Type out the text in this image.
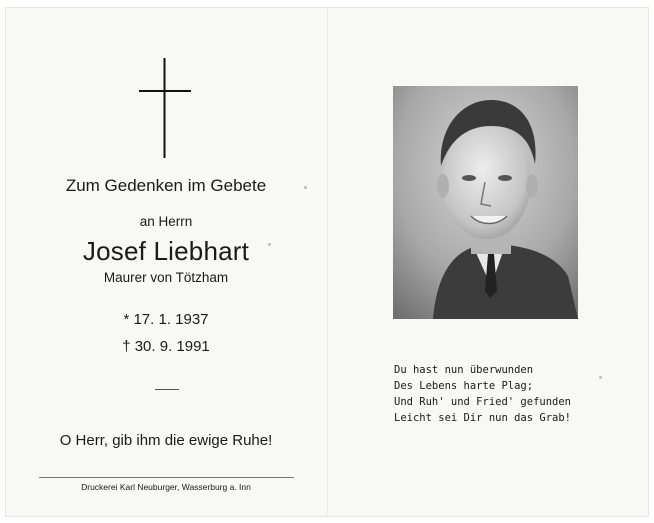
Zum Gedenken im Gebete
an Herrn
Josef Liebhart
Maurer von Tötzham
* 17. 1. 1937
† 30. 9. 1991
O Herr, gib ihm die ewige Ruhe!
Druckerei Karl Neuburger, Wasserburg a. Inn
Du hast nun überwunden
Des Lebens harte Plag;
Und Ruh' und Fried' gefunden
Leicht sei Dir nun das Grab!
